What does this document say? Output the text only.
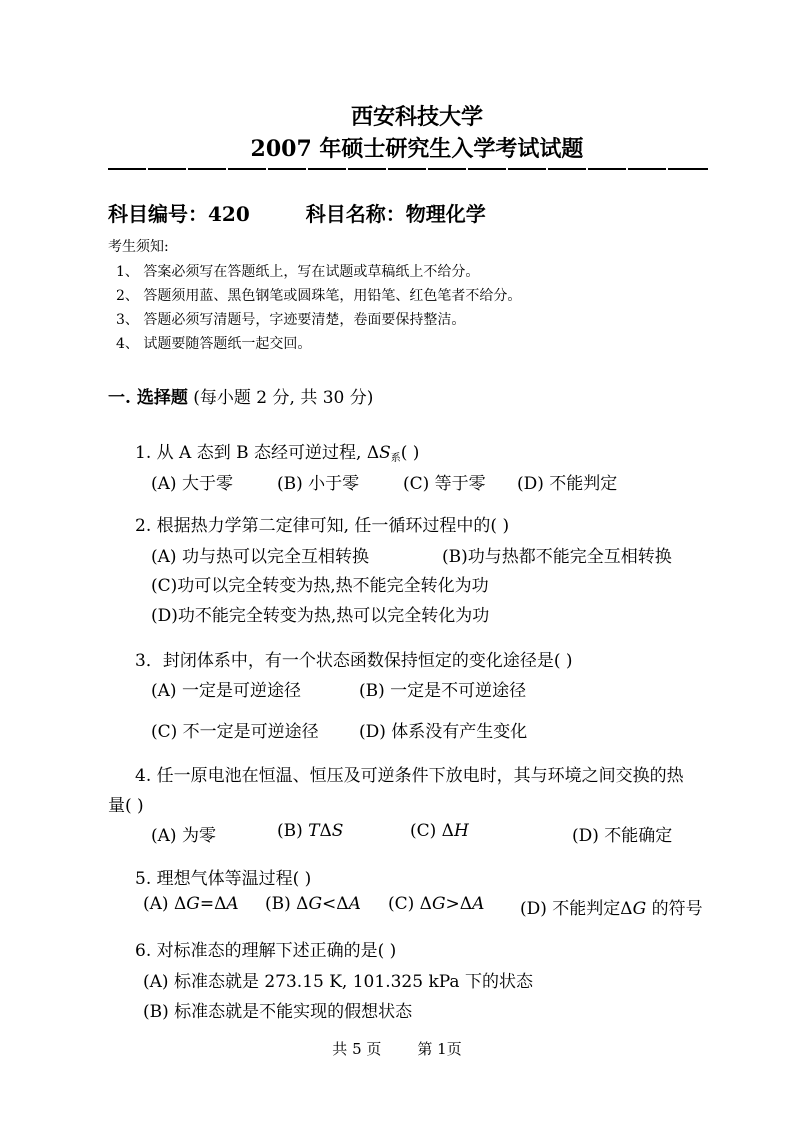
西安科技大学
2007 年硕士研究生入学考试试题
科目编号：420	科目名称：物理化学
考生须知:
1、 答案必须写在答题纸上，写在试题或草稿纸上不给分。
2、 答题须用蓝、黑色钢笔或圆珠笔，用铅笔、红色笔者不给分。
3、 答题必须写清题号，字迹要清楚，卷面要保持整洁。
4、 试题要随答题纸一起交回。
一. 选择题 (每小题 2 分, 共 30 分)
1. 从 A 态到 B 态经可逆过程, $\Delta S_系$( )
(A) 大于零	(B) 小于零	(C) 等于零 (D) 不能判定
2. 根据热力学第二定律可知, 任一循环过程中的( )
(A) 功与热可以完全互相转换	(B)功与热都不能完全互相转换
(C)功可以完全转变为热,热不能完全转化为功
(D)功不能完全转变为热,热可以完全转化为功
3．封闭体系中，有一个状态函数保持恒定的变化途径是( )
(A) 一定是可逆途径	(B) 一定是不可逆途径
(C) 不一定是可逆途径 (D) 体系没有产生变化
4. 任一原电池在恒温、恒压及可逆条件下放电时，其与环境之间交换的热
量( )
(A) 为零	(B) TΔS	(C) ΔH	(D) 不能确定
5. 理想气体等温过程( )
(A) ΔG=ΔA (B) ΔG<ΔA (C) ΔG>ΔA (D) 不能判定ΔG 的符号
6. 对标准态的理解下述正确的是( )
(A) 标准态就是 273.15 K, 101.325 kPa 下的状态
(B) 标准态就是不能实现的假想状态
共 5 页 第 1页
